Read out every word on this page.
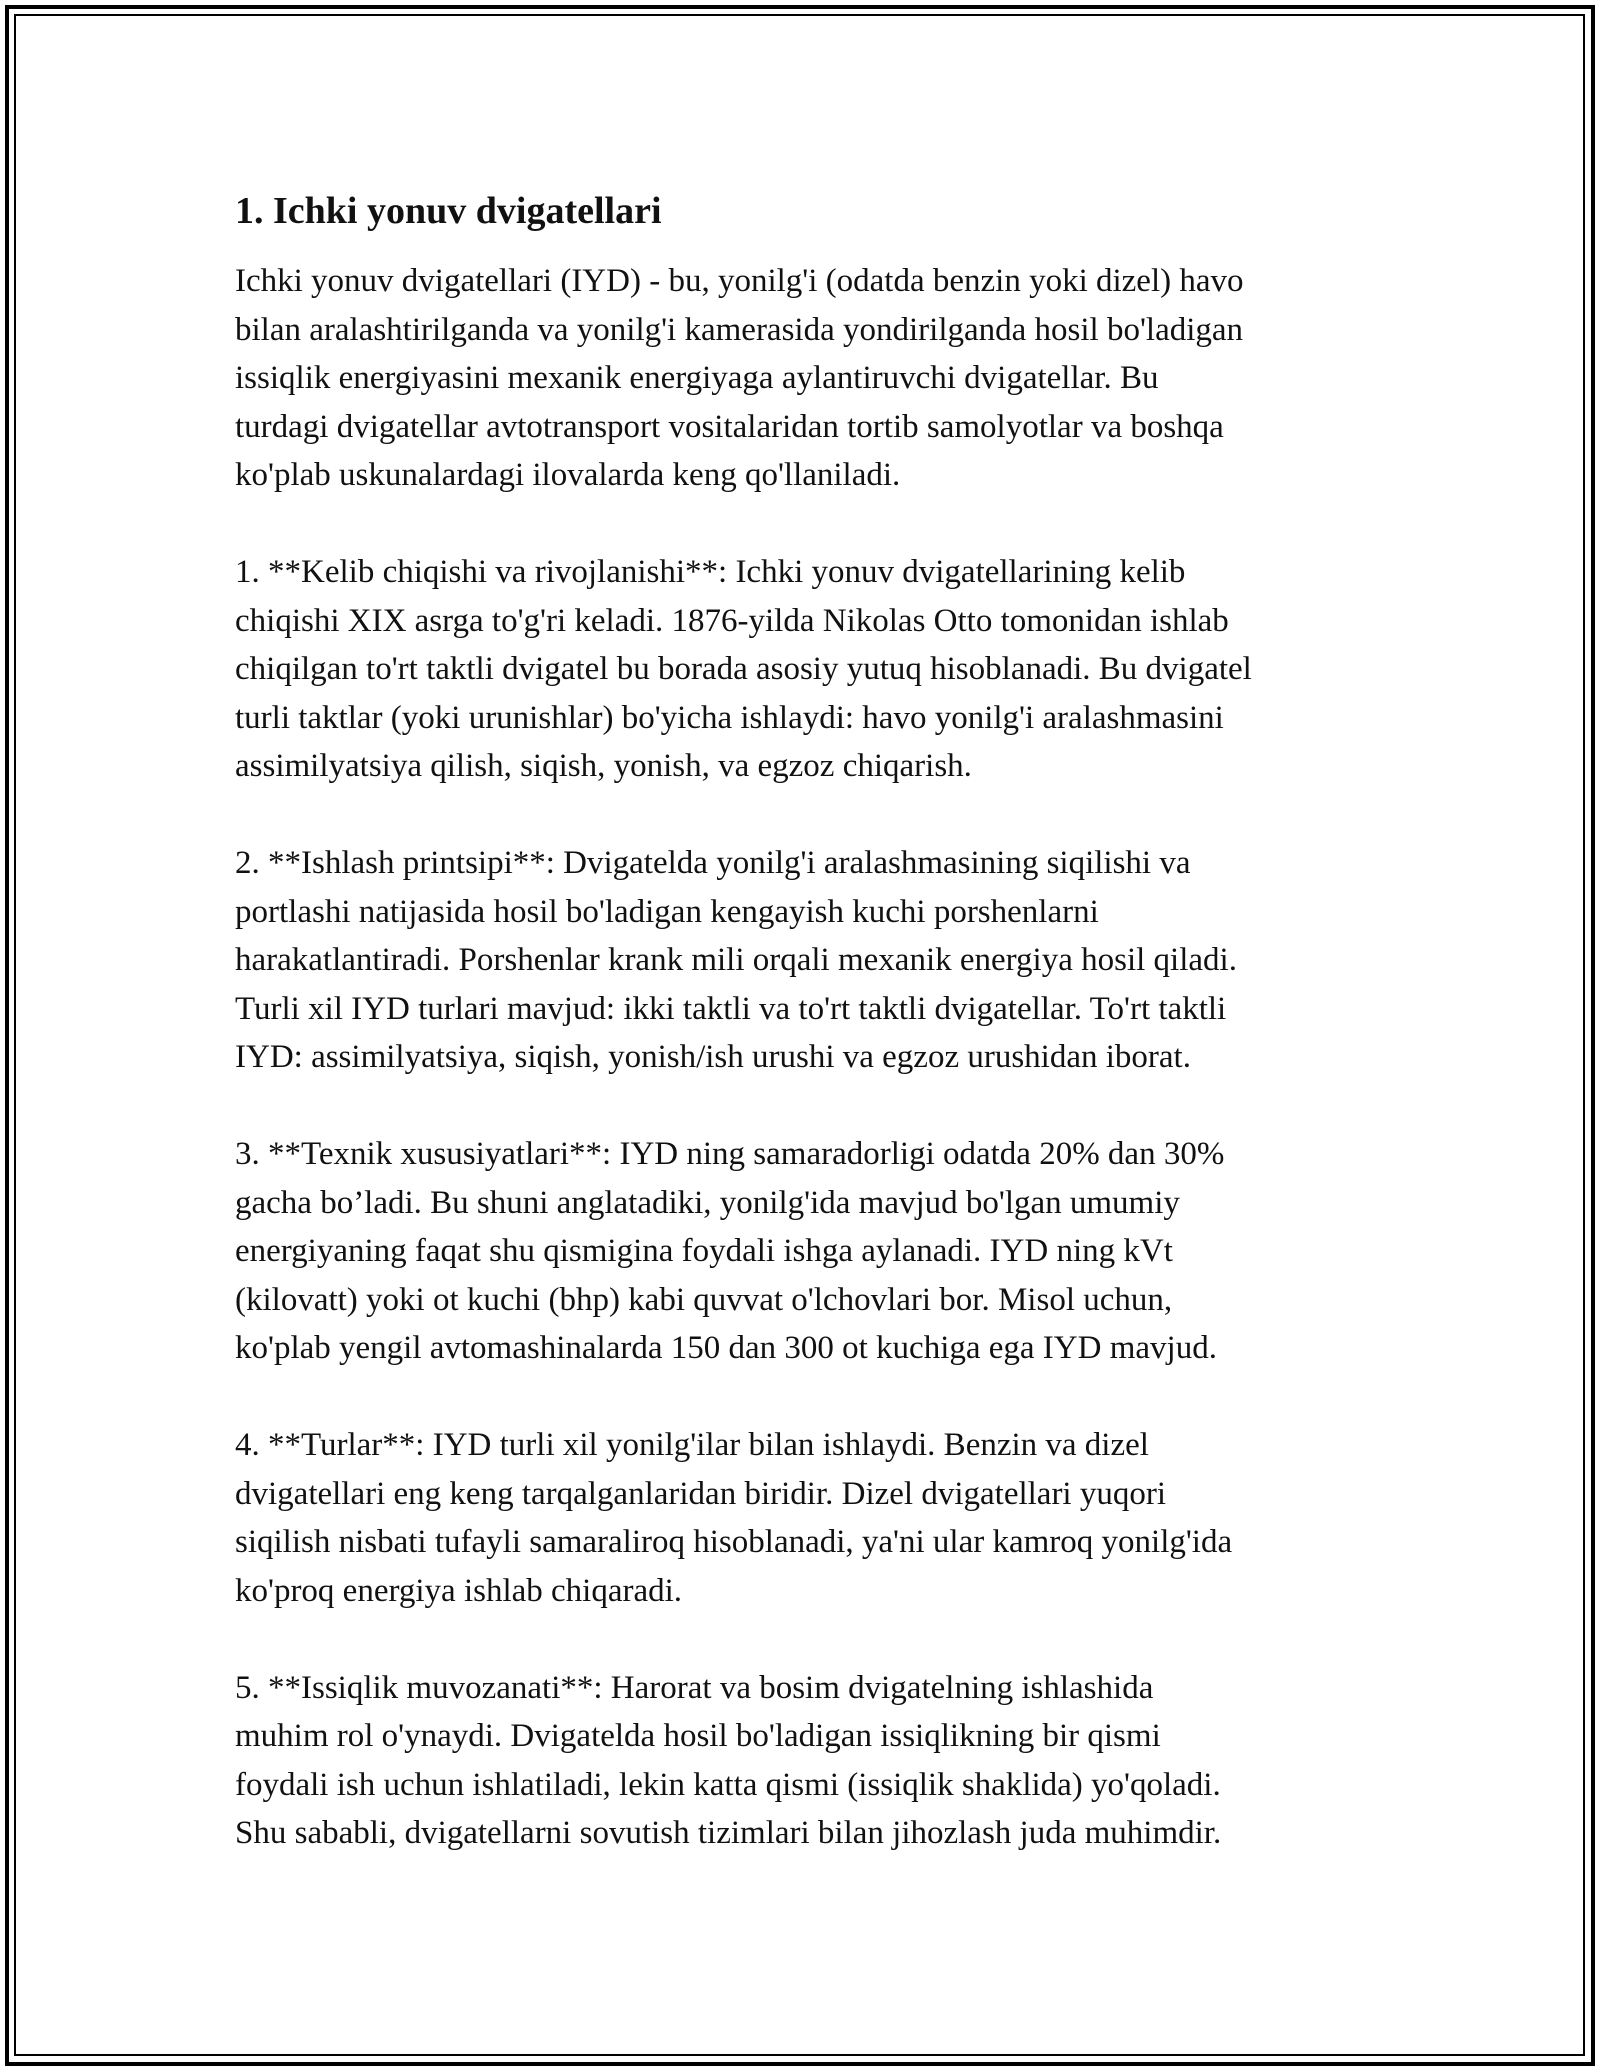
1. Ichki yonuv dvigatellari

Ichki yonuv dvigatellari (IYD) - bu, yonilg'i (odatda benzin yoki dizel) havo
bilan aralashtirilganda va yonilg'i kamerasida yondirilganda hosil bo'ladigan
issiqlik energiyasini mexanik energiyaga aylantiruvchi dvigatellar. Bu
turdagi dvigatellar avtotransport vositalaridan tortib samolyotlar va boshqa
ko'plab uskunalardagi ilovalarda keng qo'llaniladi.

1. **Kelib chiqishi va rivojlanishi**: Ichki yonuv dvigatellarining kelib
chiqishi XIX asrga to'g'ri keladi. 1876-yilda Nikolas Otto tomonidan ishlab
chiqilgan to'rt taktli dvigatel bu borada asosiy yutuq hisoblanadi. Bu dvigatel
turli taktlar (yoki urunishlar) bo'yicha ishlaydi: havo yonilg'i aralashmasini
assimilyatsiya qilish, siqish, yonish, va egzoz chiqarish.

2. **Ishlash printsipi**: Dvigatelda yonilg'i aralashmasining siqilishi va
portlashi natijasida hosil bo'ladigan kengayish kuchi porshenlarni
harakatlantiradi. Porshenlar krank mili orqali mexanik energiya hosil qiladi.
Turli xil IYD turlari mavjud: ikki taktli va to'rt taktli dvigatellar. To'rt taktli
IYD: assimilyatsiya, siqish, yonish/ish urushi va egzoz urushidan iborat.

3. **Texnik xususiyatlari**: IYD ning samaradorligi odatda 20% dan 30%
gacha bo’ladi. Bu shuni anglatadiki, yonilg'ida mavjud bo'lgan umumiy
energiyaning faqat shu qismigina foydali ishga aylanadi. IYD ning kVt
(kilovatt) yoki ot kuchi (bhp) kabi quvvat o'lchovlari bor. Misol uchun,
ko'plab yengil avtomashinalarda 150 dan 300 ot kuchiga ega IYD mavjud.

4. **Turlar**: IYD turli xil yonilg'ilar bilan ishlaydi. Benzin va dizel
dvigatellari eng keng tarqalganlaridan biridir. Dizel dvigatellari yuqori
siqilish nisbati tufayli samaraliroq hisoblanadi, ya'ni ular kamroq yonilg'ida
ko'proq energiya ishlab chiqaradi.

5. **Issiqlik muvozanati**: Harorat va bosim dvigatelning ishlashida
muhim rol o'ynaydi. Dvigatelda hosil bo'ladigan issiqlikning bir qismi
foydali ish uchun ishlatiladi, lekin katta qismi (issiqlik shaklida) yo'qoladi.
Shu sababli, dvigatellarni sovutish tizimlari bilan jihozlash juda muhimdir.
